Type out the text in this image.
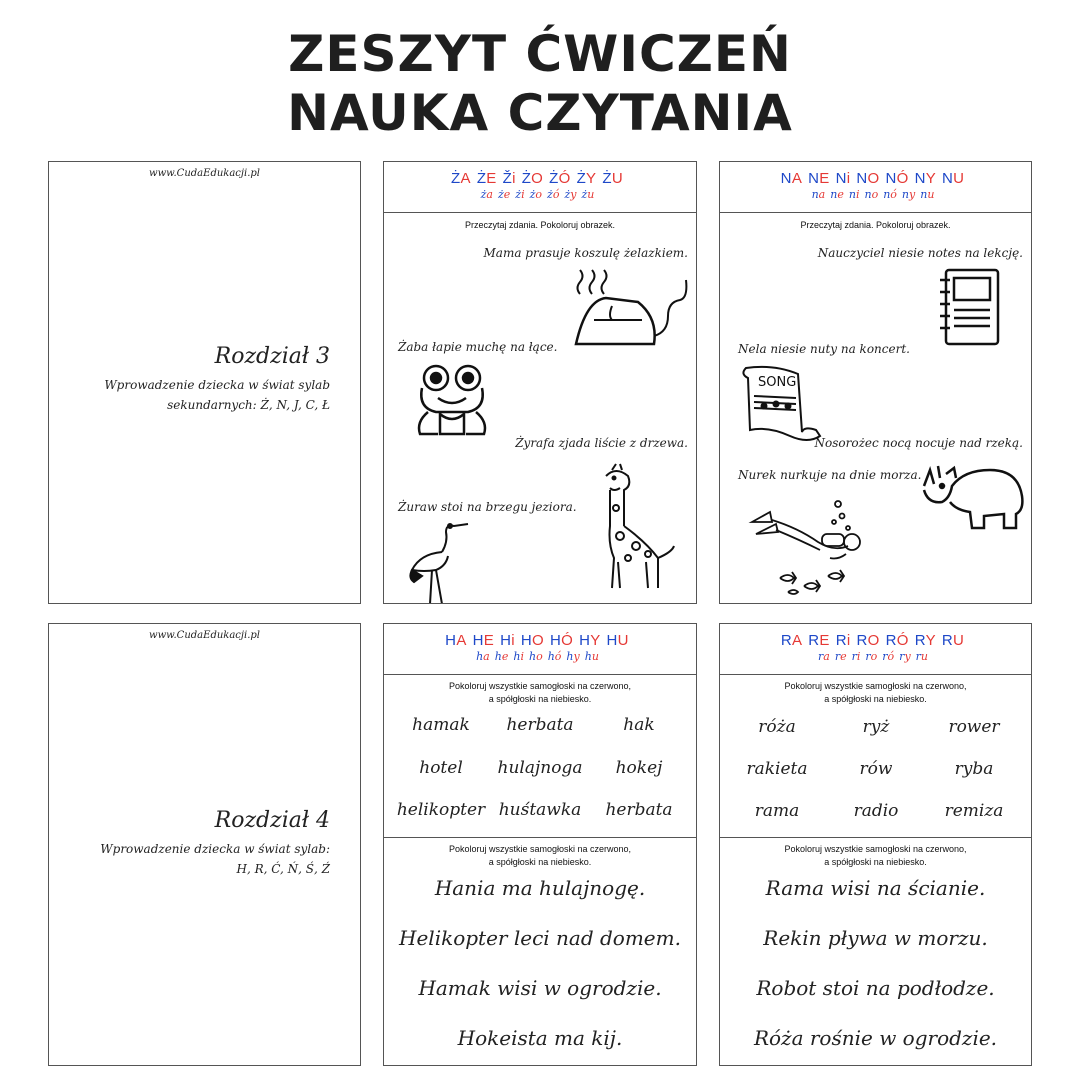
ZESZYT ĆWICZEŃ
NAUKA CZYTANIA
www.CudaEdukacji.pl
Rozdział 3
Wprowadzenie dziecka w świat sylab
sekundarnych: Ż, N, J, C, Ł
ŻA ŻE Ži ŻO ŻÓ ŻY ŻU
ża że żi żo żó ży żu
Przeczytaj zdania. Pokoloruj obrazek.
Mama prasuje koszulę żelazkiem.
Żaba łapie muchę na łące.
Żyrafa zjada liście z drzewa.
Żuraw stoi na brzegu jeziora.
NA NE Ni NO NÓ NY NU
na ne ni no nó ny nu
Przeczytaj zdania. Pokoloruj obrazek.
Nauczyciel niesie notes na lekcję.
Nela niesie nuty na koncert.
Nosorożec nocą nocuje nad rzeką.
Nurek nurkuje na dnie morza.
SONG
www.CudaEdukacji.pl
Rozdział 4
Wprowadzenie dziecka w świat sylab:
H, R, Ć, Ń, Ś, Ź
HA HE Hi HO HÓ HY HU
ha he hi ho hó hy hu
Pokoloruj wszystkie samogłoski na czerwono,
a spółgłoski na niebiesko.
hamak herbata	hak
hotel hulajnoga hokej
helikopter huśtawka herbata
Pokoloruj wszystkie samogłoski na czerwono,
a spółgłoski na niebiesko.
Hania ma hulajnogę.
Helikopter leci nad domem.
Hamak wisi w ogrodzie.
Hokeista ma kij.
RA RE Ri RO RÓ RY RU
ra re ri ro ró ry ru
Pokoloruj wszystkie samogłoski na czerwono,
a spółgłoski na niebiesko.
róża	ryż	rower
rakieta	rów	ryba
rama	radio	remiza
Pokoloruj wszystkie samogłoski na czerwono,
a spółgłoski na niebiesko.
Rama wisi na ścianie.
Rekin pływa w morzu.
Robot stoi na podłodze.
Róża rośnie w ogrodzie.
